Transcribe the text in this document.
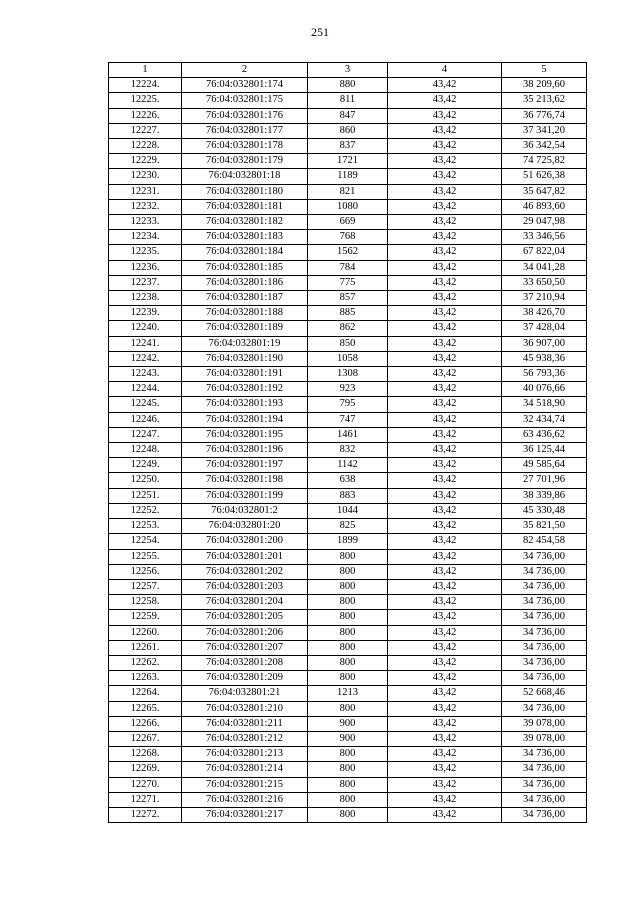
251
1	2	3	4	5
12224.	76:04:032801:174	880	43,42	38 209,60
12225.	76:04:032801:175	811	43,42	35 213,62
12226.	76:04:032801:176	847	43,42	36 776,74
12227.	76:04:032801:177	860	43,42	37 341,20
12228.	76:04:032801:178	837	43,42	36 342,54
12229.	76:04:032801:179	1721	43,42	74 725,82
12230.	76:04:032801:18	1189	43,42	51 626,38
12231.	76:04:032801:180	821	43,42	35 647,82
12232.	76:04:032801:181	1080	43,42	46 893,60
12233.	76:04:032801:182	669	43,42	29 047,98
12234.	76:04:032801:183	768	43,42	33 346,56
12235.	76:04:032801:184	1562	43,42	67 822,04
12236.	76:04:032801:185	784	43,42	34 041,28
12237.	76:04:032801:186	775	43,42	33 650,50
12238.	76:04:032801:187	857	43,42	37 210,94
12239.	76:04:032801:188	885	43,42	38 426,70
12240.	76:04:032801:189	862	43,42	37 428,04
12241.	76:04:032801:19	850	43,42	36 907,00
12242.	76:04:032801:190	1058	43,42	45 938,36
12243.	76:04:032801:191	1308	43,42	56 793,36
12244.	76:04:032801:192	923	43,42	40 076,66
12245.	76:04:032801:193	795	43,42	34 518,90
12246.	76:04:032801:194	747	43,42	32 434,74
12247.	76:04:032801:195	1461	43,42	63 436,62
12248.	76:04:032801:196	832	43,42	36 125,44
12249.	76:04:032801:197	1142	43,42	49 585,64
12250.	76:04:032801:198	638	43,42	27 701,96
12251.	76:04:032801:199	883	43,42	38 339,86
12252.	76:04:032801:2	1044	43,42	45 330,48
12253.	76:04:032801:20	825	43,42	35 821,50
12254.	76:04:032801:200	1899	43,42	82 454,58
12255.	76:04:032801:201	800	43,42	34 736,00
12256.	76:04:032801:202	800	43,42	34 736,00
12257.	76:04:032801:203	800	43,42	34 736,00
12258.	76:04:032801:204	800	43,42	34 736,00
12259.	76:04:032801:205	800	43,42	34 736,00
12260.	76:04:032801:206	800	43,42	34 736,00
12261.	76:04:032801:207	800	43,42	34 736,00
12262.	76:04:032801:208	800	43,42	34 736,00
12263.	76:04:032801:209	800	43,42	34 736,00
12264.	76:04:032801:21	1213	43,42	52 668,46
12265.	76:04:032801:210	800	43,42	34 736,00
12266.	76:04:032801:211	900	43,42	39 078,00
12267.	76:04:032801:212	900	43,42	39 078,00
12268.	76:04:032801:213	800	43,42	34 736,00
12269.	76:04:032801:214	800	43,42	34 736,00
12270.	76:04:032801:215	800	43,42	34 736,00
12271.	76:04:032801:216	800	43,42	34 736,00
12272.	76:04:032801:217	800	43,42	34 736,00
